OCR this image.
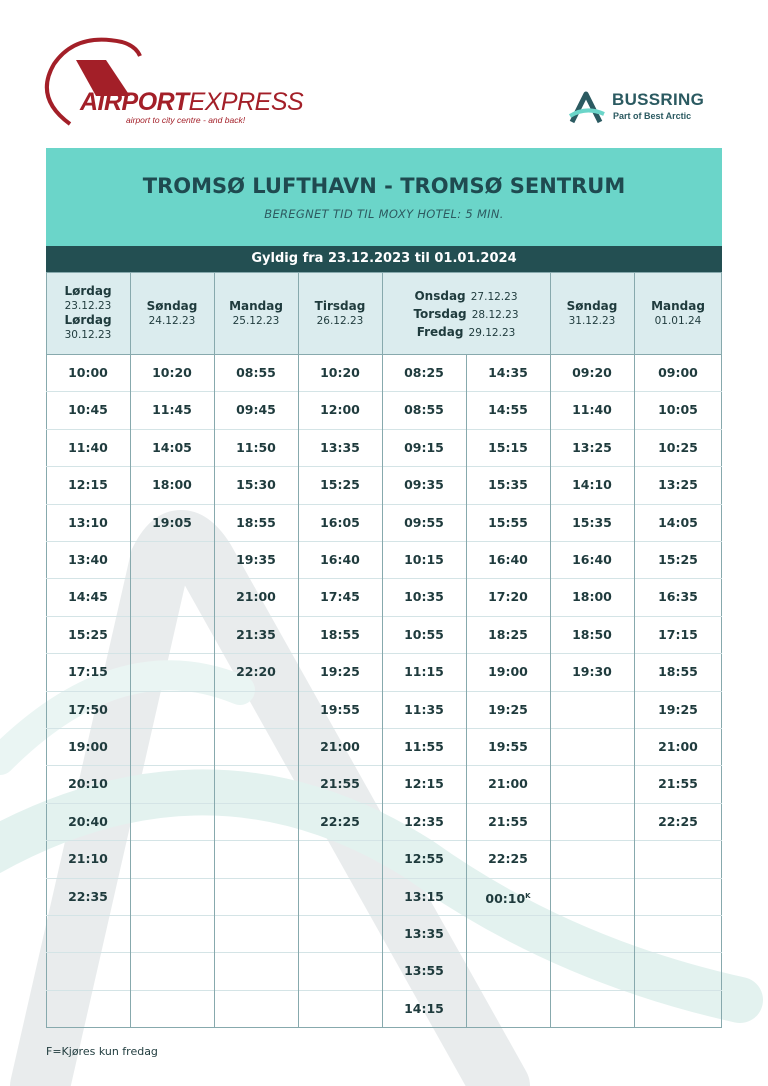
AIRPORTEXPRESS
airport to city centre - and back!
BUSSRING
Part of Best Arctic
TROMSØ LUFTHAVN - TROMSØ SENTRUM
BEREGNET TID TIL MOXY HOTEL: 5 MIN.
Gyldig fra 23.12.2023 til 01.01.2024
Lørdag
23.12.23
Lørdag
30.12.23
Søndag
24.12.23
Mandag
25.12.23
Tirsdag
26.12.23
Onsdag 27.12.23
Torsdag 28.12.23
Fredag 29.12.23
Søndag
31.12.23
Mandag
01.01.24
10:00
10:45
11:40
12:15
13:10
13:40
14:45
15:25
17:15
17:50
19:00
20:10
20:40
21:10
22:35
10:20
11:45
14:05
18:00
19:05
08:55
09:45
11:50
15:30
18:55
19:35
21:00
21:35
22:20
10:20
12:00
13:35
15:25
16:05
16:40
17:45
18:55
19:25
19:55
21:00
21:55
22:25
08:25
08:55
09:15
09:35
09:55
10:15
10:35
10:55
11:15
11:35
11:55
12:15
12:35
12:55
13:15
13:35
13:55
14:15
14:35
14:55
15:15
15:35
15:55
16:40
17:20
18:25
19:00
19:25
19:55
21:00
21:55
22:25
$00:10^K$
09:20
11:40
13:25
14:10
15:35
16:40
18:00
18:50
19:30
09:00
10:05
10:25
13:25
14:05
15:25
16:35
17:15
18:55
19:25
21:00
21:55
22:25
F=Kjøres kun fredag
